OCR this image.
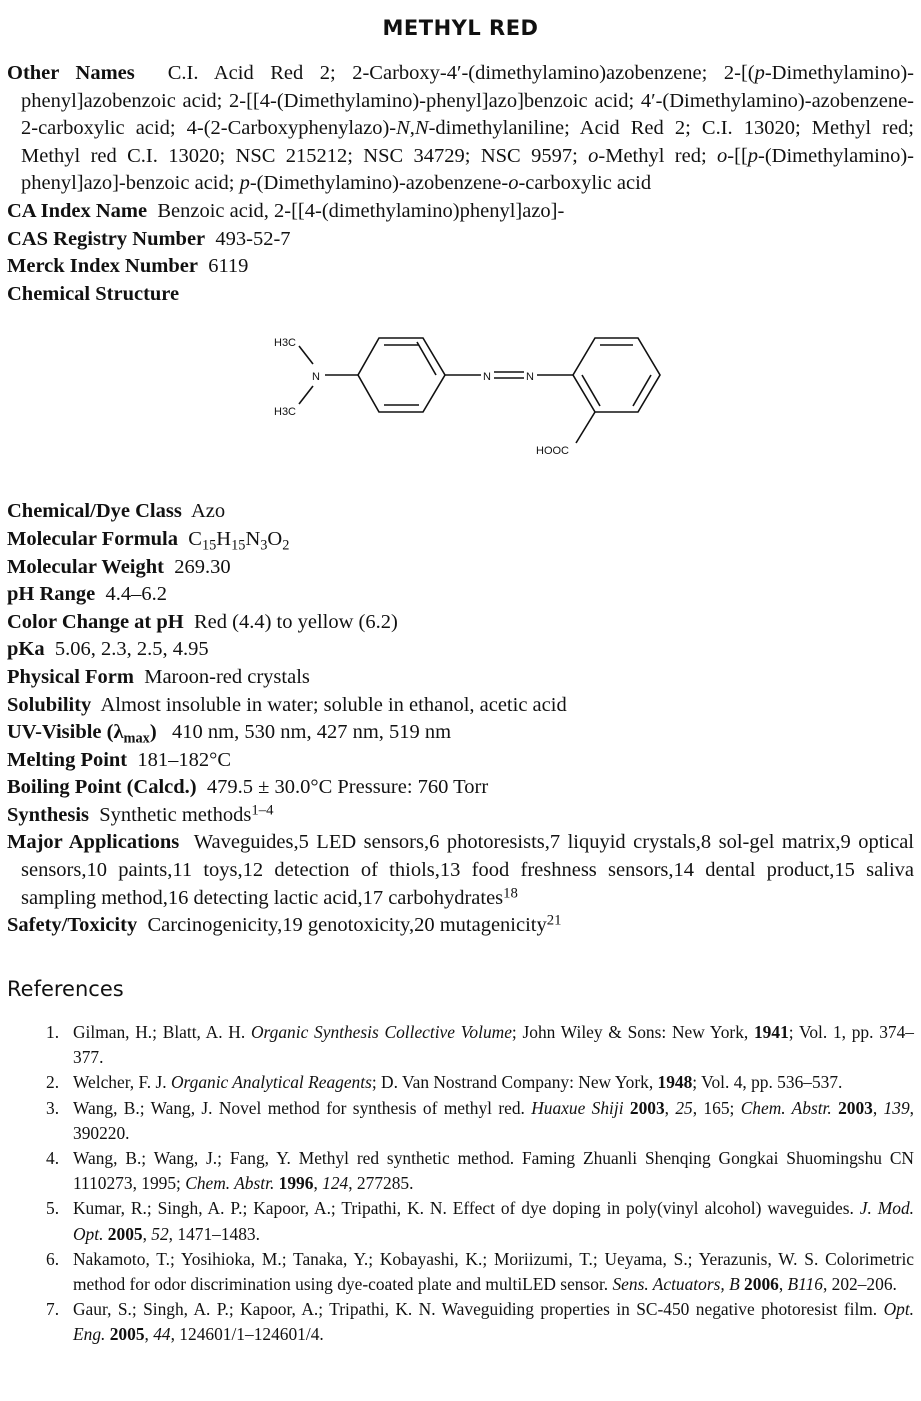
METHYL RED

Other Names C.I. Acid Red 2; 2-Carboxy-4′-(dimethylamino)azobenzene; 2-[(p-Dimethylamino)-phenyl]azobenzoic acid; 2-[[4-(Dimethylamino)-phenyl]azo]benzoic acid; 4′-(Dimethylamino)-azobenzene-2-carboxylic acid; 4-(2-Carboxyphenylazo)-N,N-dimethylaniline; Acid Red 2; C.I. 13020; Methyl red; Methyl red C.I. 13020; NSC 215212; NSC 34729; NSC 9597; o-Methyl red; o-[[p-(Dimethylamino)-phenyl]azo]-benzoic acid; p-(Dimethylamino)-azobenzene-o-carboxylic acid

CA Index Name Benzoic acid, 2-[[4-(dimethylamino)phenyl]azo]-

CAS Registry Number 493-52-7

Merck Index Number 6119

Chemical Structure

H3C
H3C
N	N	N
HOOC

Chemical/Dye Class Azo

Molecular Formula $C_{15}H_{15}N_3O_2$

Molecular Weight 269.30

pH Range 4.4–6.2

Color Change at pH Red (4.4) to yellow (6.2)

pKa 5.06, 2.3, 2.5, 4.95

Physical Form Maroon-red crystals

Solubility Almost insoluble in water; soluble in ethanol, acetic acid

UV-Visible $(\lambda_{max})$ 410 nm, 530 nm, 427 nm, 519 nm

Melting Point 181–182°C

Boiling Point (Calcd.) 479.5 ± 30.0°C Pressure: 760 Torr

Synthesis Synthetic methods$^{1-4}$

Major Applications Waveguides,5 LED sensors,6 photoresists,7 liquyid crystals,8 sol-gel matrix,9 optical sensors,10 paints,11 toys,12 detection of thiols,13 food freshness sensors,14 dental product,15 saliva sampling method,16 detecting lactic acid,17 carbohydrates$^{18}$

Safety/Toxicity Carcinogenicity,19 genotoxicity,20 mutagenicity$^{21}$

References
1. Gilman, H.; Blatt, A. H. Organic Synthesis Collective Volume; John Wiley & Sons: New York, 1941; Vol. 1, pp. 374–377.
2. Welcher, F. J. Organic Analytical Reagents; D. Van Nostrand Company: New York, 1948; Vol. 4, pp. 536–537.
3. Wang, B.; Wang, J. Novel method for synthesis of methyl red. Huaxue Shiji 2003, 25, 165; Chem. Abstr. 2003, 139, 390220.
4. Wang, B.; Wang, J.; Fang, Y. Methyl red synthetic method. Faming Zhuanli Shenqing Gongkai Shuomingshu CN 1110273, 1995; Chem. Abstr. 1996, 124, 277285.
5. Kumar, R.; Singh, A. P.; Kapoor, A.; Tripathi, K. N. Effect of dye doping in poly(vinyl alcohol) waveguides. J. Mod. Opt. 2005, 52, 1471–1483.
6. Nakamoto, T.; Yosihioka, M.; Tanaka, Y.; Kobayashi, K.; Moriizumi, T.; Ueyama, S.; Yerazunis, W. S. Colorimetric method for odor discrimination using dye-coated plate and multiLED sensor. Sens. Actuators, B 2006, B116, 202–206.
7. Gaur, S.; Singh, A. P.; Kapoor, A.; Tripathi, K. N. Waveguiding properties in SC-450 negative photoresist film. Opt. Eng. 2005, 44, 124601/1–124601/4.
